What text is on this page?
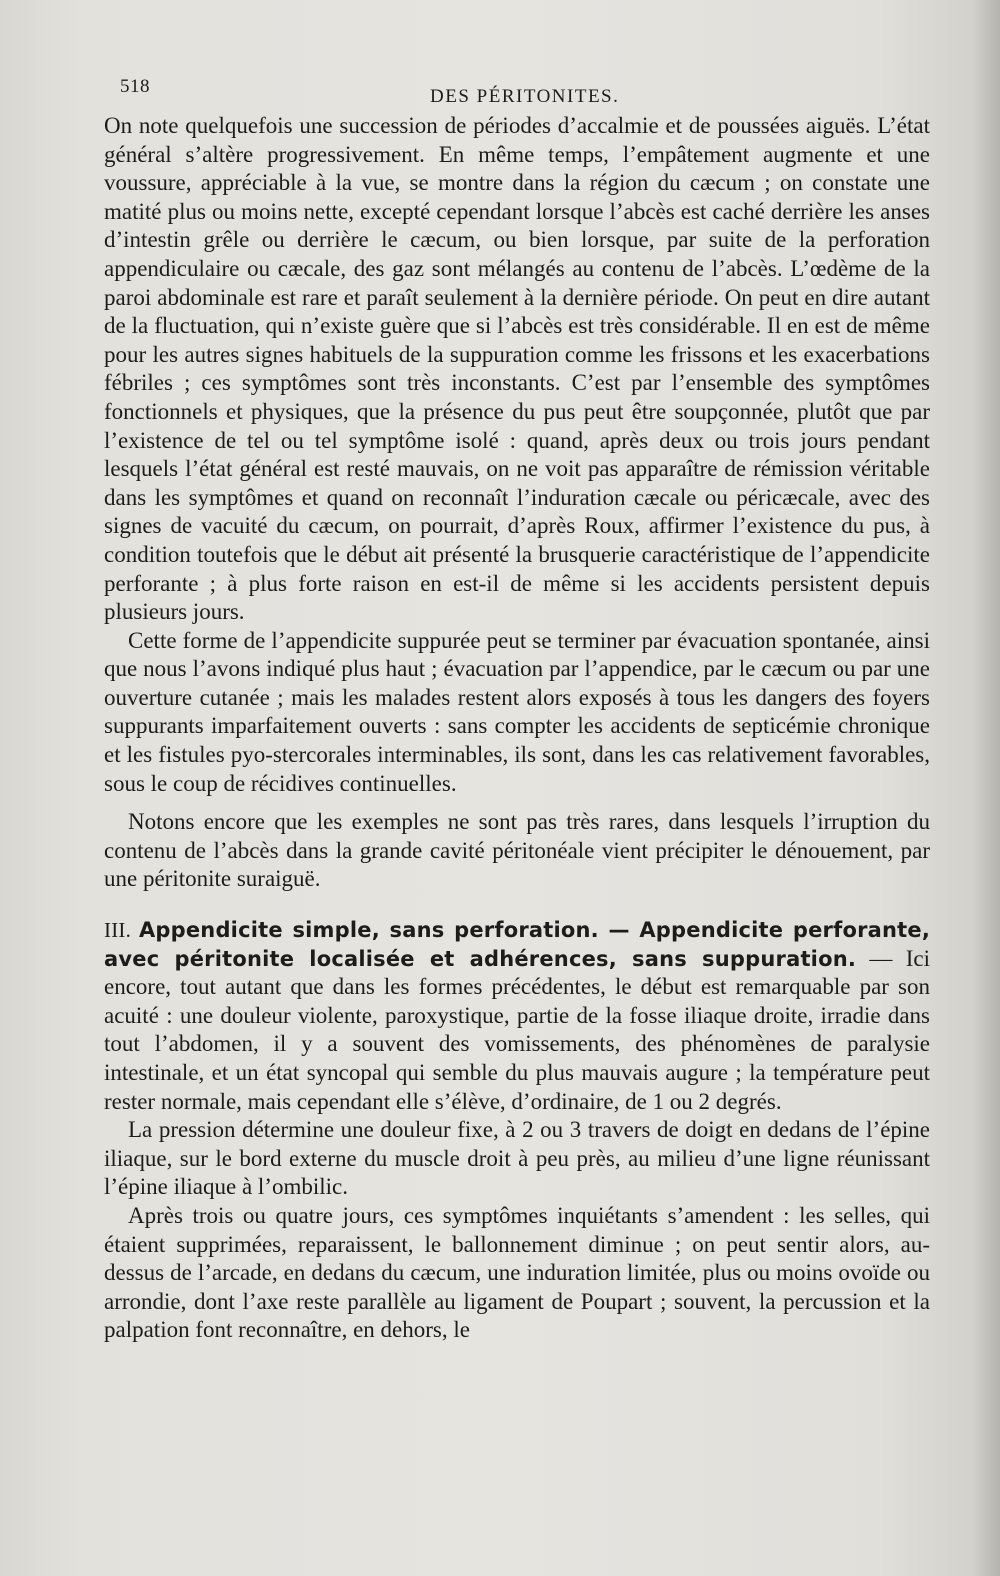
518	DES PÉRITONITES.

On note quelquefois une succession de périodes d’accalmie et de poussées aiguës. L’état général s’altère progressivement. En même temps, l’empâtement augmente et une voussure, appréciable à la vue, se montre dans la région du cæcum ; on constate une matité plus ou moins nette, excepté cependant lorsque l’abcès est caché derrière les anses d’intestin grêle ou derrière le cæcum, ou bien lorsque, par suite de la perforation appendiculaire ou cæcale, des gaz sont mélangés au contenu de l’abcès. L’œdème de la paroi abdominale est rare et paraît seulement à la dernière période. On peut en dire autant de la fluctuation, qui n’existe guère que si l’abcès est très considérable. Il en est de même pour les autres signes habituels de la suppuration comme les frissons et les exacerbations fébriles ; ces symptômes sont très inconstants. C’est par l’ensemble des symptômes fonctionnels et physiques, que la présence du pus peut être soupçonnée, plutôt que par l’existence de tel ou tel symptôme isolé : quand, après deux ou trois jours pendant lesquels l’état général est resté mauvais, on ne voit pas apparaître de rémission véritable dans les symptômes et quand on reconnaît l’induration cæcale ou péricæcale, avec des signes de vacuité du cæcum, on pourrait, d’après Roux, affirmer l’existence du pus, à condition toutefois que le début ait présenté la brusquerie caractéristique de l’appendicite perforante ; à plus forte raison en est-il de même si les accidents persistent depuis plusieurs jours.

Cette forme de l’appendicite suppurée peut se terminer par évacuation spontanée, ainsi que nous l’avons indiqué plus haut ; évacuation par l’appendice, par le cæcum ou par une ouverture cutanée ; mais les malades restent alors exposés à tous les dangers des foyers suppurants imparfaitement ouverts : sans compter les accidents de septicémie chronique et les fistules pyo-stercorales interminables, ils sont, dans les cas relativement favorables, sous le coup de récidives continuelles.

Notons encore que les exemples ne sont pas très rares, dans lesquels l’irruption du contenu de l’abcès dans la grande cavité péritonéale vient précipiter le dénouement, par une péritonite suraiguë.

III. Appendicite simple, sans perforation. — Appendicite perforante, avec péritonite localisée et adhérences, sans suppuration. — Ici encore, tout autant que dans les formes précédentes, le début est remarquable par son acuité : une douleur violente, paroxystique, partie de la fosse iliaque droite, irradie dans tout l’abdomen, il y a souvent des vomissements, des phénomènes de paralysie intestinale, et un état syncopal qui semble du plus mauvais augure ; la température peut rester normale, mais cependant elle s’élève, d’ordinaire, de 1 ou 2 degrés.

La pression détermine une douleur fixe, à 2 ou 3 travers de doigt en dedans de l’épine iliaque, sur le bord externe du muscle droit à peu près, au milieu d’une ligne réunissant l’épine iliaque à l’ombilic.

Après trois ou quatre jours, ces symptômes inquiétants s’amendent : les selles, qui étaient supprimées, reparaissent, le ballonnement diminue ; on peut sentir alors, au-dessus de l’arcade, en dedans du cæcum, une induration limitée, plus ou moins ovoïde ou arrondie, dont l’axe reste parallèle au ligament de Poupart ; souvent, la percussion et la palpation font reconnaître, en dehors, le
